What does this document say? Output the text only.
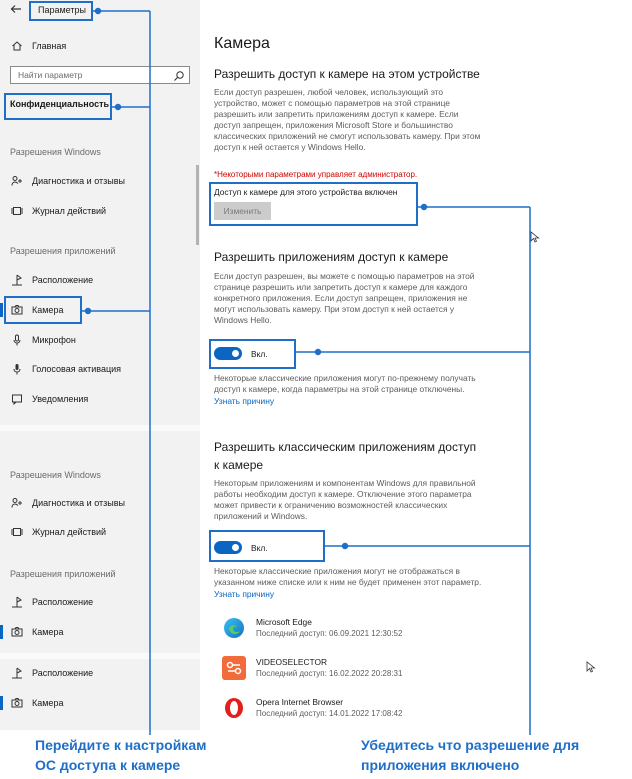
Параметры
Главная
Найти параметр
Конфиденциальность
Разрешения Windows
Диагностика и отзывы
Журнал действий
Разрешения приложений
Расположение
Камера
Микрофон
Голосовая активация
Уведомления
Разрешения Windows
Диагностика и отзывы
Журнал действий
Разрешения приложений
Расположение
Камера
Расположение
Камера
Камера
Разрешить доступ к камере на этом устройстве
Если доступ разрешен, любой человек, использующий это
устройство, может с помощью параметров на этой странице
разрешить или запретить приложениям доступ к камере. Если
доступ запрещен, приложения Microsoft Store и большинство
классических приложений не смогут использовать камеру. При этом
доступ к ней остается у Windows Hello.
*Некоторыми параметрами управляет администратор.
Доступ к камере для этого устройства включен
Изменить
Разрешить приложениям доступ к камере
Если доступ разрешен, вы можете с помощью параметров на этой
странице разрешить или запретить доступ к камере для каждого
конкретного приложения. Если доступ запрещен, приложения не
могут использовать камеру. При этом доступ к ней остается у
Windows Hello.
Вкл.
Некоторые классические приложения могут по-прежнему получать
доступ к камере, когда параметры на этой странице отключены.
Узнать причину
Разрешить классическим приложениям доступ
к камере
Некоторым приложениям и компонентам Windows для правильной
работы необходим доступ к камере. Отключение этого параметра
может привести к ограничению возможностей классических
приложений и Windows.
Вкл.
Некоторые классические приложения могут не отображаться в
указанном ниже списке или к ним не будет применен этот параметр.
Узнать причину
Microsoft Edge
Последний доступ: 06.09.2021 12:30:52
VIDEOSELECTOR
Последний доступ: 16.02.2022 20:28:31
Opera Internet Browser
Последний доступ: 14.01.2022 17:08:42
Перейдите к настройкам
ОС доступа к камере
Убедитесь что разрешение для
приложения включено
